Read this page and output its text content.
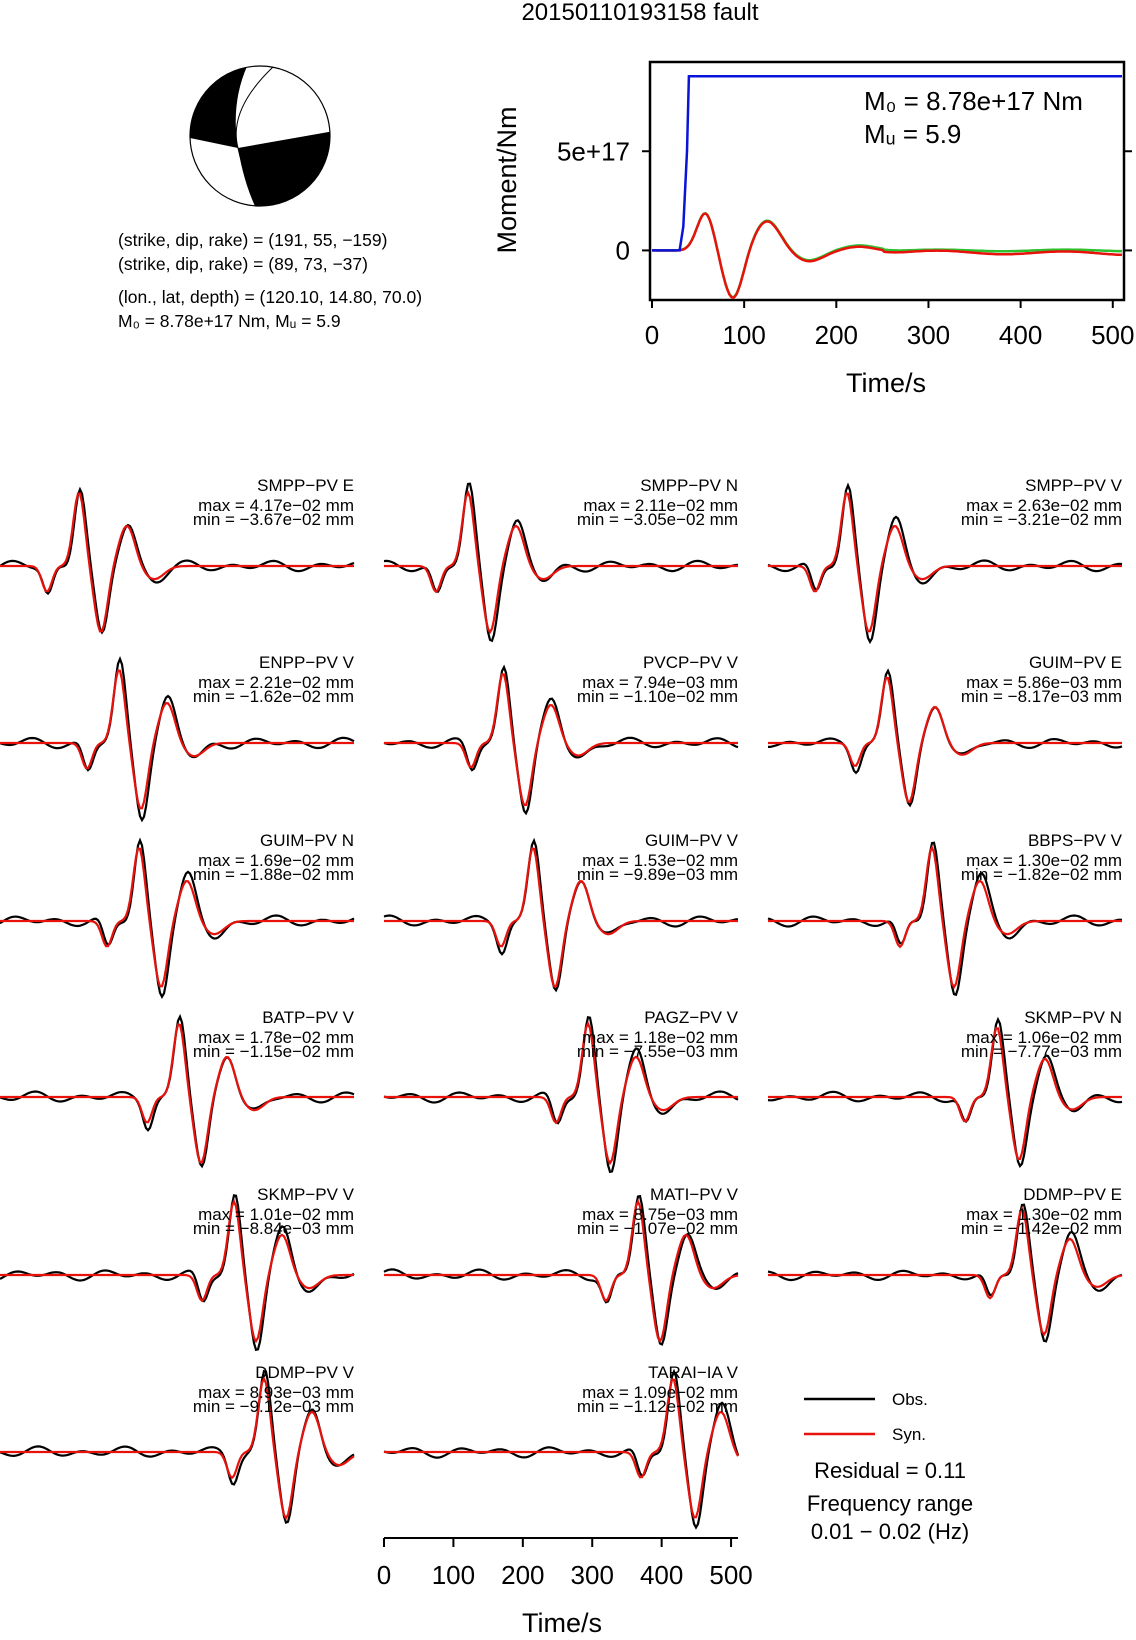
20150110193158 fault
(strike, dip, rake) = (191, 55, −159)
(strike, dip, rake) = (89, 73, −37)
(lon., lat, depth) = (120.10, 14.80, 70.0)
M₀ = 8.78e+17 Nm, Mᵤ = 5.9
5e+17
0
0 100 200 300 400 500
Moment/Nm
Time/s
M₀ = 8.78e+17 Nm
Mᵤ = 5.9
SMPP−PV E
max = 4.17e−02 mm
min = −3.67e−02 mm
SMPP−PV N
max = 2.11e−02 mm
min = −3.05e−02 mm
SMPP−PV V
max = 2.63e−02 mm
min = −3.21e−02 mm
ENPP−PV V
max = 2.21e−02 mm
min = −1.62e−02 mm
PVCP−PV V
max = 7.94e−03 mm
min = −1.10e−02 mm
GUIM−PV E
max = 5.86e−03 mm
min = −8.17e−03 mm
GUIM−PV N
max = 1.69e−02 mm
min = −1.88e−02 mm
GUIM−PV V
max = 1.53e−02 mm
min = −9.89e−03 mm
BBPS−PV V
max = 1.30e−02 mm
min = −1.82e−02 mm
BATP−PV V
max = 1.78e−02 mm
min = −1.15e−02 mm
PAGZ−PV V
max = 1.18e−02 mm
min = −7.55e−03 mm
SKMP−PV N
max = 1.06e−02 mm
min = −7.77e−03 mm
SKMP−PV V
max = 1.01e−02 mm
min = −8.84e−03 mm
MATI−PV V
max = 8.75e−03 mm
min = −1.07e−02 mm
DDMP−PV E
max = 1.30e−02 mm
min = −1.42e−02 mm
DDMP−PV V
max = 8.93e−03 mm
min = −9.12e−03 mm
TARAI−IA V
max = 1.09e−02 mm
min = −1.12e−02 mm	Obs.
Syn.
Residual = 0.11
Frequency range
0.01 − 0.02 (Hz)
0 100 200 300 400 500
Time/s
